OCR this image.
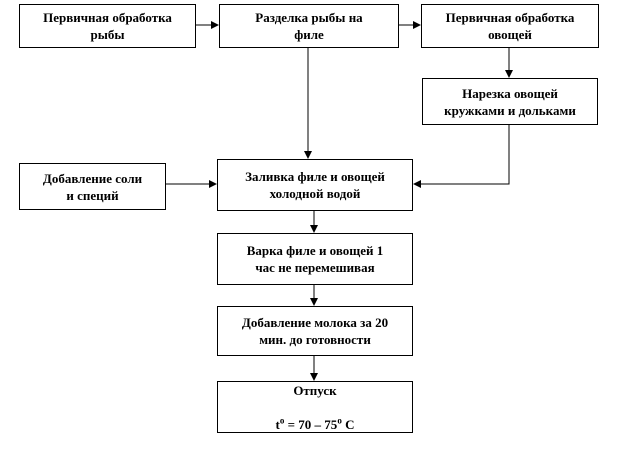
Первичная обработка
рыбы
Разделка рыбы на
филе
Первичная обработка
овощей
Нарезка овощей
кружками и дольками
Добавление соли
и специй
Заливка филе и овощей
холодной водой
Варка филе и овощей 1
час не перемешивая
Добавление молока за 20
мин. до готовности

Отпуск

$t^o = 70 - 75^o$ С
